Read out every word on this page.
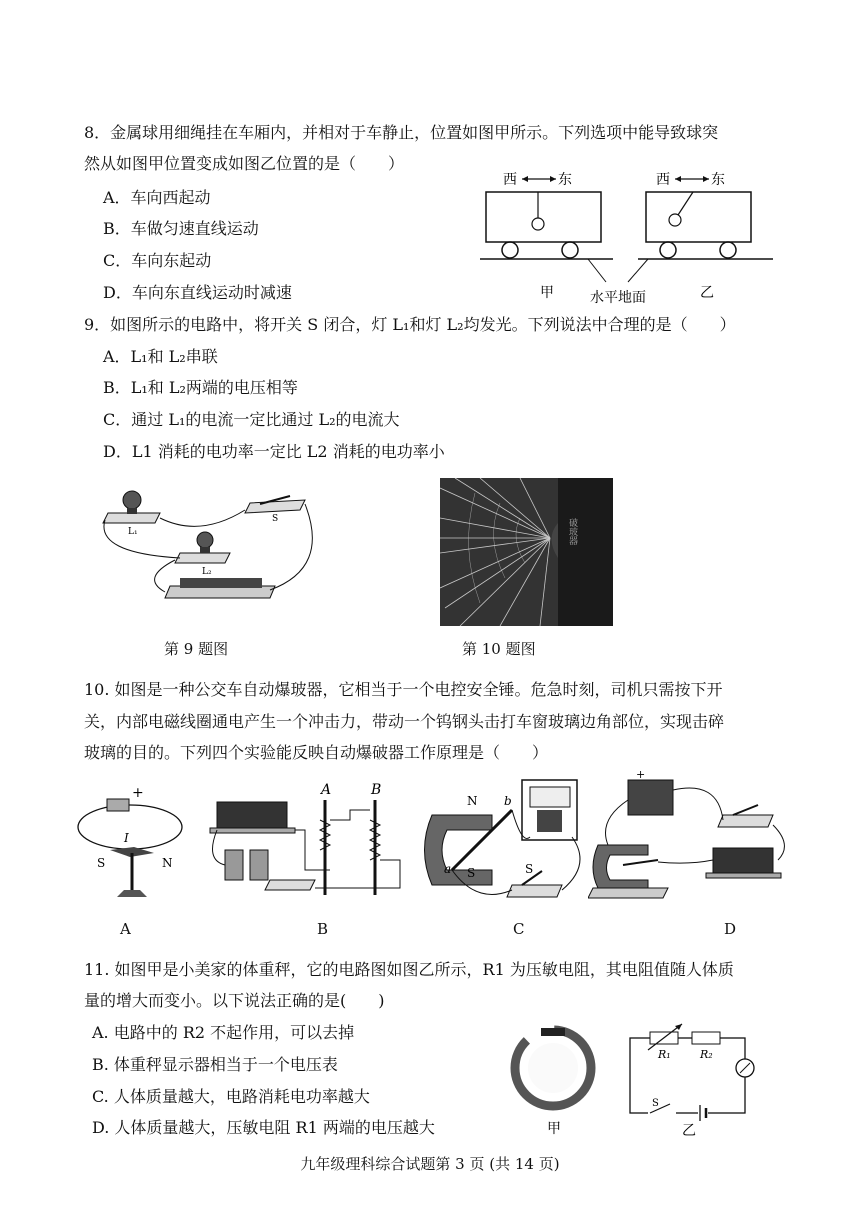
8．金属球用细绳挂在车厢内，并相对于车静止，位置如图甲所示。下列选项中能导致球突
然从如图甲位置变成如图乙位置的是（　　）
A．车向西起动
B．车做匀速直线运动
C．车向东起动
D．车向东直线运动时减速
西	东	西	东
甲	水平地面	乙
9．如图所示的电路中，将开关 S 闭合，灯 L₁和灯 L₂均发光。下列说法中合理的是（　　）
A．L₁和 L₂串联
B．L₁和 L₂两端的电压相等
C．通过 L₁的电流一定比通过 L₂的电流大
D．L1 消耗的电功率一定比 L2 消耗的电功率小
L₁
S
L₂
第 9 题图
破玻器
第 10 题图
10. 如图是一种公交车自动爆玻器，它相当于一个电控安全锤。危急时刻，司机只需按下开
关，内部电磁线圈通电产生一个冲击力，带动一个钨钢头击打车窗玻璃边角部位，实现击碎
玻璃的目的。下列四个实验能反映自动爆破器工作原理是（　　）
+
I
S	N
A	B
N
S
a
b
S
+
A	B	C	D
11. 如图甲是小美家的体重秤，它的电路图如图乙所示，R1 为压敏电阻，其电阻值随人体质
量的增大而变小。以下说法正确的是(　　)
A. 电路中的 R2 不起作用，可以去掉
B. 体重秤显示器相当于一个电压表
C. 人体质量越大，电路消耗电功率越大
D. 人体质量越大，压敏电阻 R1 两端的电压越大	甲
R₁	R₂
S
乙
九年级理科综合试题第 3 页 (共 14 页)
